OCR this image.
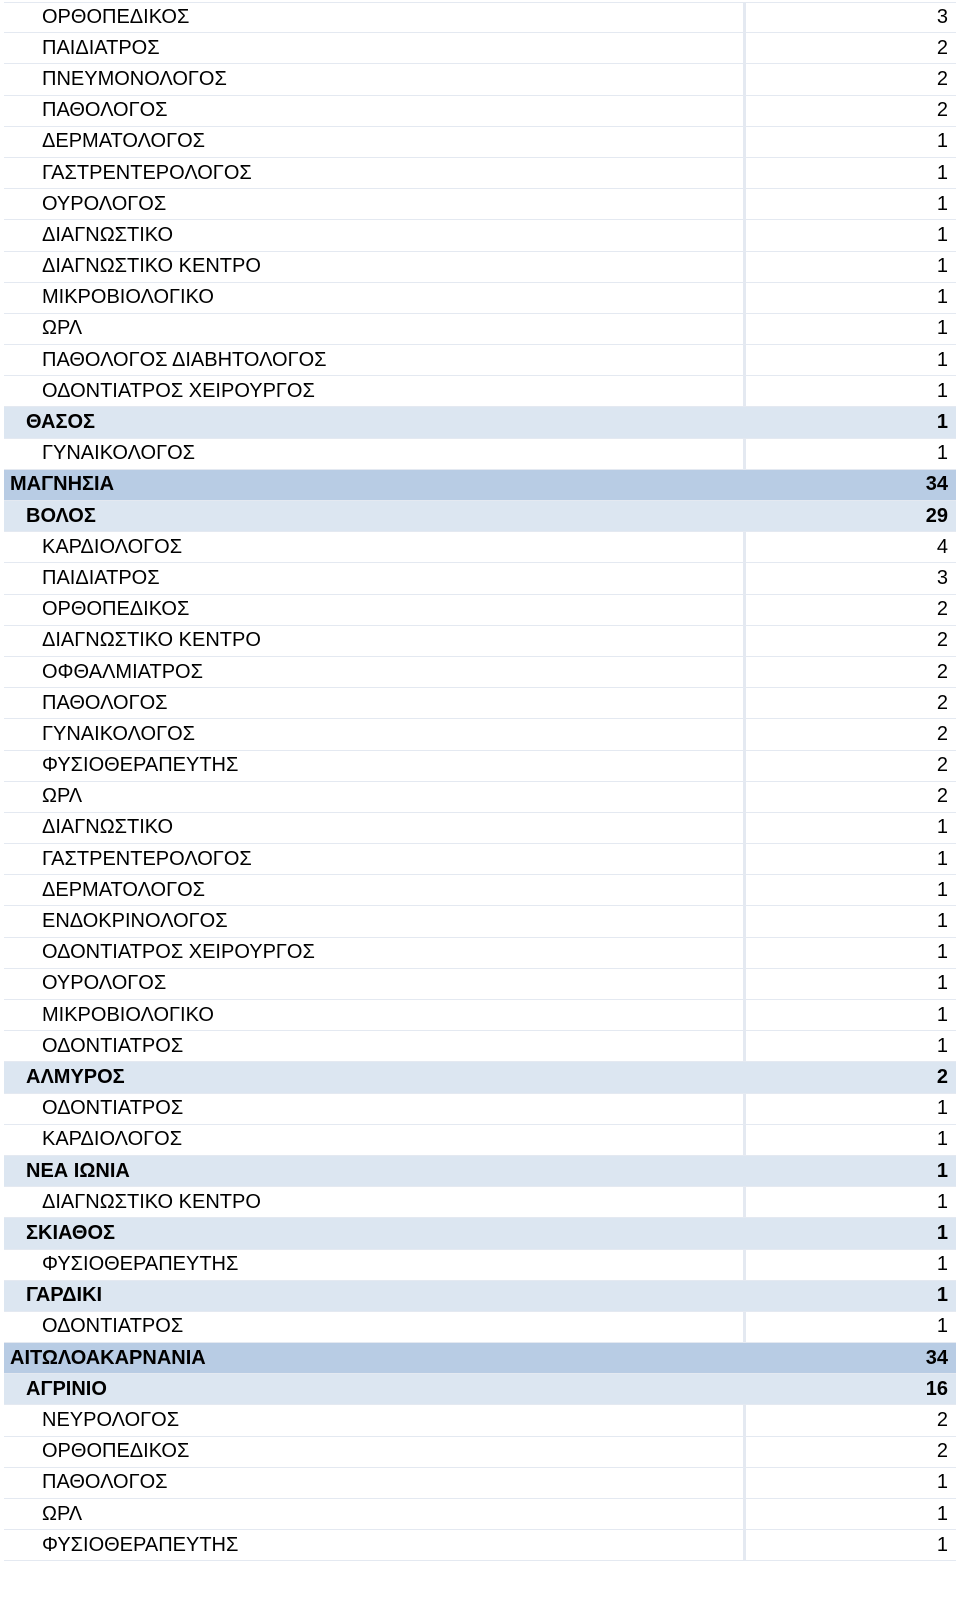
ΟΡΘΟΠΕΔΙΚΟΣ	3
ΠΑΙΔΙΑΤΡΟΣ	2
ΠΝΕΥΜΟΝΟΛΟΓΟΣ	2
ΠΑΘΟΛΟΓΟΣ	2
ΔΕΡΜΑΤΟΛΟΓΟΣ	1
ΓΑΣΤΡΕΝΤΕΡΟΛΟΓΟΣ	1
ΟΥΡΟΛΟΓΟΣ	1
ΔΙΑΓΝΩΣΤΙΚΟ	1
ΔΙΑΓΝΩΣΤΙΚΟ ΚΕΝΤΡΟ	1
ΜΙΚΡΟΒΙΟΛΟΓΙΚΟ	1
ΩΡΛ	1
ΠΑΘΟΛΟΓΟΣ ΔΙΑΒΗΤΟΛΟΓΟΣ	1
ΟΔΟΝΤΙΑΤΡΟΣ ΧΕΙΡΟΥΡΓΟΣ	1
ΘΑΣΟΣ	1
ΓΥΝΑΙΚΟΛΟΓΟΣ	1
ΜΑΓΝΗΣΙΑ	34
ΒΟΛΟΣ	29
ΚΑΡΔΙΟΛΟΓΟΣ	4
ΠΑΙΔΙΑΤΡΟΣ	3
ΟΡΘΟΠΕΔΙΚΟΣ	2
ΔΙΑΓΝΩΣΤΙΚΟ ΚΕΝΤΡΟ	2
ΟΦΘΑΛΜΙΑΤΡΟΣ	2
ΠΑΘΟΛΟΓΟΣ	2
ΓΥΝΑΙΚΟΛΟΓΟΣ	2
ΦΥΣΙΟΘΕΡΑΠΕΥΤΗΣ	2
ΩΡΛ	2
ΔΙΑΓΝΩΣΤΙΚΟ	1
ΓΑΣΤΡΕΝΤΕΡΟΛΟΓΟΣ	1
ΔΕΡΜΑΤΟΛΟΓΟΣ	1
ΕΝΔΟΚΡΙΝΟΛΟΓΟΣ	1
ΟΔΟΝΤΙΑΤΡΟΣ ΧΕΙΡΟΥΡΓΟΣ	1
ΟΥΡΟΛΟΓΟΣ	1
ΜΙΚΡΟΒΙΟΛΟΓΙΚΟ	1
ΟΔΟΝΤΙΑΤΡΟΣ	1
ΑΛΜΥΡΟΣ	2
ΟΔΟΝΤΙΑΤΡΟΣ	1
ΚΑΡΔΙΟΛΟΓΟΣ	1
ΝΕΑ ΙΩΝΙΑ	1
ΔΙΑΓΝΩΣΤΙΚΟ ΚΕΝΤΡΟ	1
ΣΚΙΑΘΟΣ	1
ΦΥΣΙΟΘΕΡΑΠΕΥΤΗΣ	1
ΓΑΡΔΙΚΙ	1
ΟΔΟΝΤΙΑΤΡΟΣ	1
ΑΙΤΩΛΟΑΚΑΡΝΑΝΙΑ	34
ΑΓΡΙΝΙΟ	16
ΝΕΥΡΟΛΟΓΟΣ	2
ΟΡΘΟΠΕΔΙΚΟΣ	2
ΠΑΘΟΛΟΓΟΣ	1
ΩΡΛ	1
ΦΥΣΙΟΘΕΡΑΠΕΥΤΗΣ	1
